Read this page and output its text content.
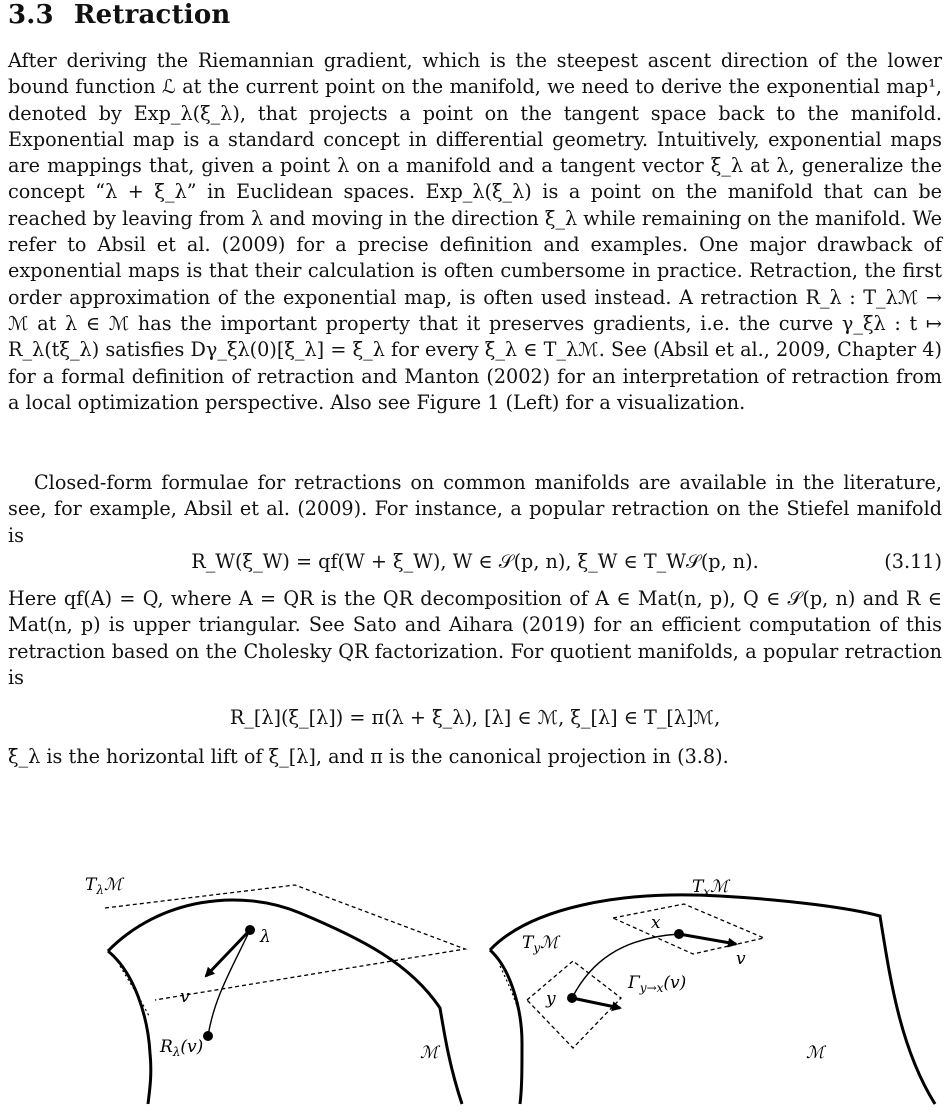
3.3 Retraction

After deriving the Riemannian gradient, which is the steepest ascent direction of the lower bound function ℒ at the current point on the manifold, we need to derive the exponential map¹, denoted by Exp_λ(ξ_λ), that projects a point on the tangent space back to the manifold. Exponential map is a standard concept in differential geometry. Intuitively, exponential maps are mappings that, given a point λ on a manifold and a tangent vector ξ_λ at λ, generalize the concept “λ + ξ_λ” in Euclidean spaces. Exp_λ(ξ_λ) is a point on the manifold that can be reached by leaving from λ and moving in the direction ξ_λ while remaining on the manifold. We refer to Absil et al. (2009) for a precise definition and examples. One major drawback of exponential maps is that their calculation is often cumbersome in practice. Retraction, the first order approximation of the exponential map, is often used instead. A retraction R_λ : T_λℳ → ℳ at λ ∈ ℳ has the important property that it preserves gradients, i.e. the curve γ_ξλ : t ↦ R_λ(tξ_λ) satisfies Dγ_ξλ(0)[ξ_λ] = ξ_λ for every ξ_λ ∈ T_λℳ. See (Absil et al., 2009, Chapter 4) for a formal definition of retraction and Manton (2002) for an interpretation of retraction from a local optimization perspective. Also see Figure 1 (Left) for a visualization.

Closed-form formulae for retractions on common manifolds are available in the literature, see, for example, Absil et al. (2009). For instance, a popular retraction on the Stiefel manifold is

R_W(ξ_W) = qf(W + ξ_W), W ∈ 𝒮(p, n), ξ_W ∈ T_W𝒮(p, n).	(3.11)

Here qf(A) = Q, where A = QR is the QR decomposition of A ∈ Mat(n, p), Q ∈ 𝒮(p, n) and R ∈ Mat(n, p) is upper triangular. See Sato and Aihara (2019) for an efficient computation of this retraction based on the Cholesky QR factorization. For quotient manifolds, a popular retraction is

R_[λ](ξ_[λ]) = π(λ + ξ̄_λ), [λ] ∈ ℳ, ξ_[λ] ∈ T_[λ]ℳ,

ξ̄_λ is the horizontal lift of ξ_[λ], and π is the canonical projection in (3.8).

$T_\lambda ℳ$
λ
v
$R_\lambda(v)$	ℳ
$T_xℳ$
$T_yℳ$
x
y
v
$\Gamma_{y\to x}(v)$
ℳ
